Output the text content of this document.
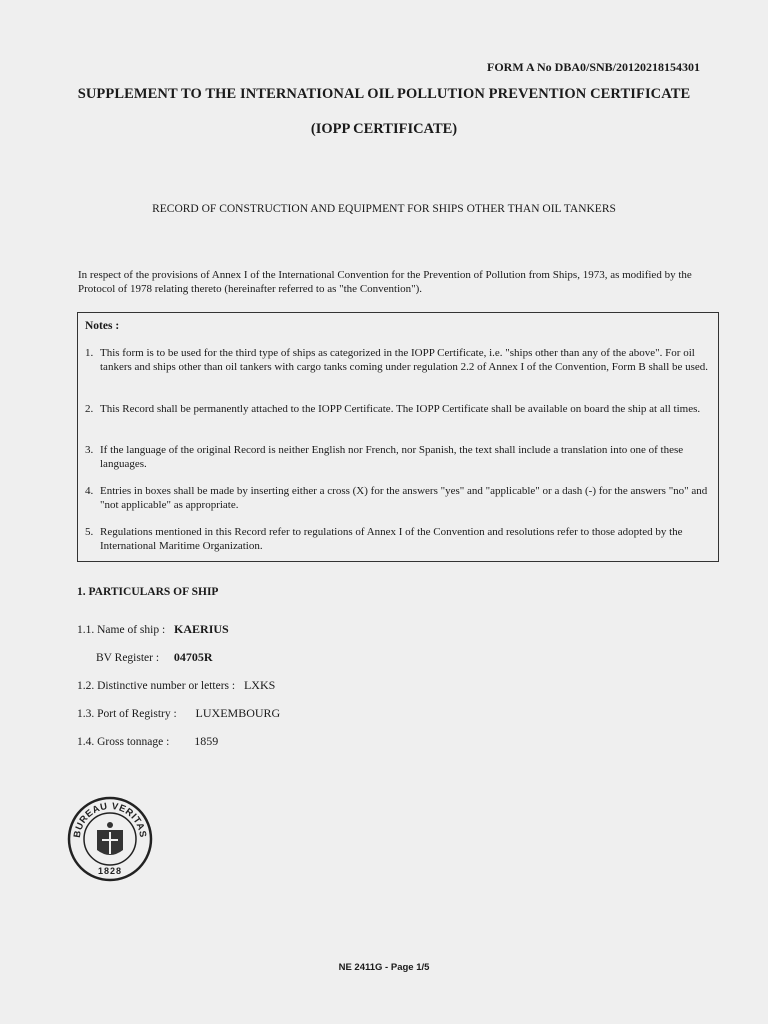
FORM A No DBA0/SNB/20120218154301
SUPPLEMENT TO THE INTERNATIONAL OIL POLLUTION PREVENTION CERTIFICATE
(IOPP CERTIFICATE)
RECORD OF CONSTRUCTION AND EQUIPMENT FOR SHIPS OTHER THAN OIL TANKERS
In respect of the provisions of Annex I of the International Convention for the Prevention of Pollution from Ships, 1973, as modified by the Protocol of 1978 relating thereto (hereinafter referred to as "the Convention").
Notes :
1. This form is to be used for the third type of ships as categorized in the IOPP Certificate, i.e. "ships other than any of the above". For oil tankers and ships other than oil tankers with cargo tanks coming under regulation 2.2 of Annex I of the Convention, Form B shall be used.
2. This Record shall be permanently attached to the IOPP Certificate. The IOPP Certificate shall be available on board the ship at all times.
3. If the language of the original Record is neither English nor French, nor Spanish, the text shall include a translation into one of these languages.
4. Entries in boxes shall be made by inserting either a cross (X) for the answers "yes" and "applicable" or a dash (-) for the answers "no" and "not applicable" as appropriate.
5. Regulations mentioned in this Record refer to regulations of Annex I of the Convention and resolutions refer to those adopted by the International Maritime Organization.
1. PARTICULARS OF SHIP
1.1. Name of ship : KAERIUS
BV Register : 04705R
1.2. Distinctive number or letters : LXKS
1.3. Port of Registry : LUXEMBOURG
1.4. Gross tonnage : 1859
BUREAU VERITAS
1828
NE 2411G - Page 1/5
